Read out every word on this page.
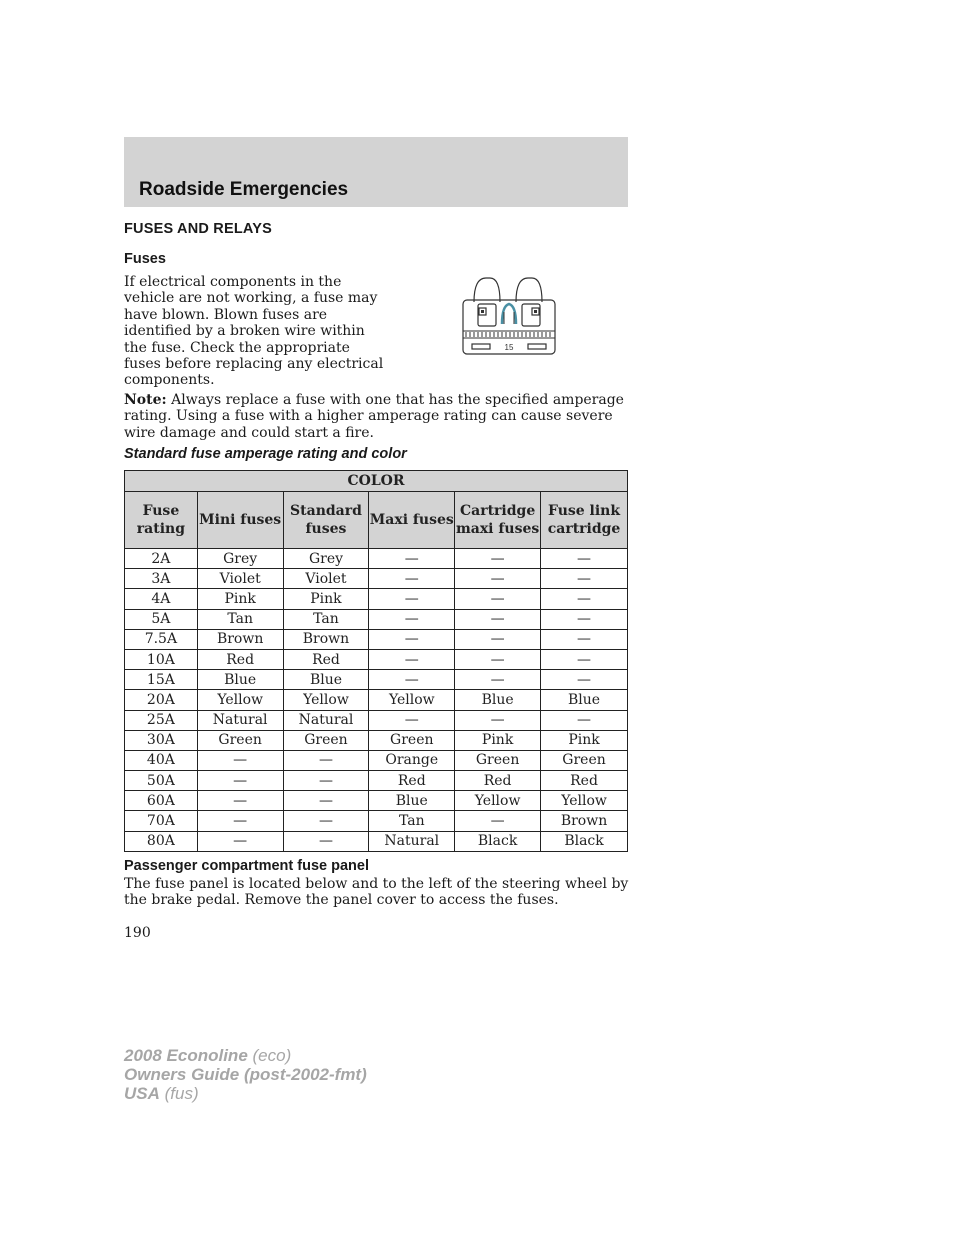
Roadside Emergencies
FUSES AND RELAYS
Fuses
If electrical components in the vehicle are not working, a fuse may have blown. Blown fuses are identified by a broken wire within the fuse. Check the appropriate fuses before replacing any electrical components.
15
Note: Always replace a fuse with one that has the specified amperage rating. Using a fuse with a higher amperage rating can cause severe wire damage and could start a fire.
Standard fuse amperage rating and color
COLOR					
Fuse rating	Mini fuses	Standard fuses	Maxi fuses	Cartridge maxi fuses	Fuse link cartridge
2A	Grey	Grey	—	—	—
3A	Violet	Violet	—	—	—
4A	Pink	Pink	—	—	—
5A	Tan	Tan	—	—	—
7.5A	Brown	Brown	—	—	—
10A	Red	Red	—	—	—
15A	Blue	Blue	—	—	—
20A	Yellow	Yellow	Yellow	Blue	Blue
25A	Natural	Natural	—	—	—
30A	Green	Green	Green	Pink	Pink
40A	—	—	Orange	Green	Green
50A	—	—	Red	Red	Red
60A	—	—	Blue	Yellow	Yellow
70A	—	—	Tan	—	Brown
80A	—	—	Natural	Black	Black
Passenger compartment fuse panel
The fuse panel is located below and to the left of the steering wheel by the brake pedal. Remove the panel cover to access the fuses.
190
2008 Econoline (eco)
Owners Guide (post-2002-fmt)
USA (fus)
